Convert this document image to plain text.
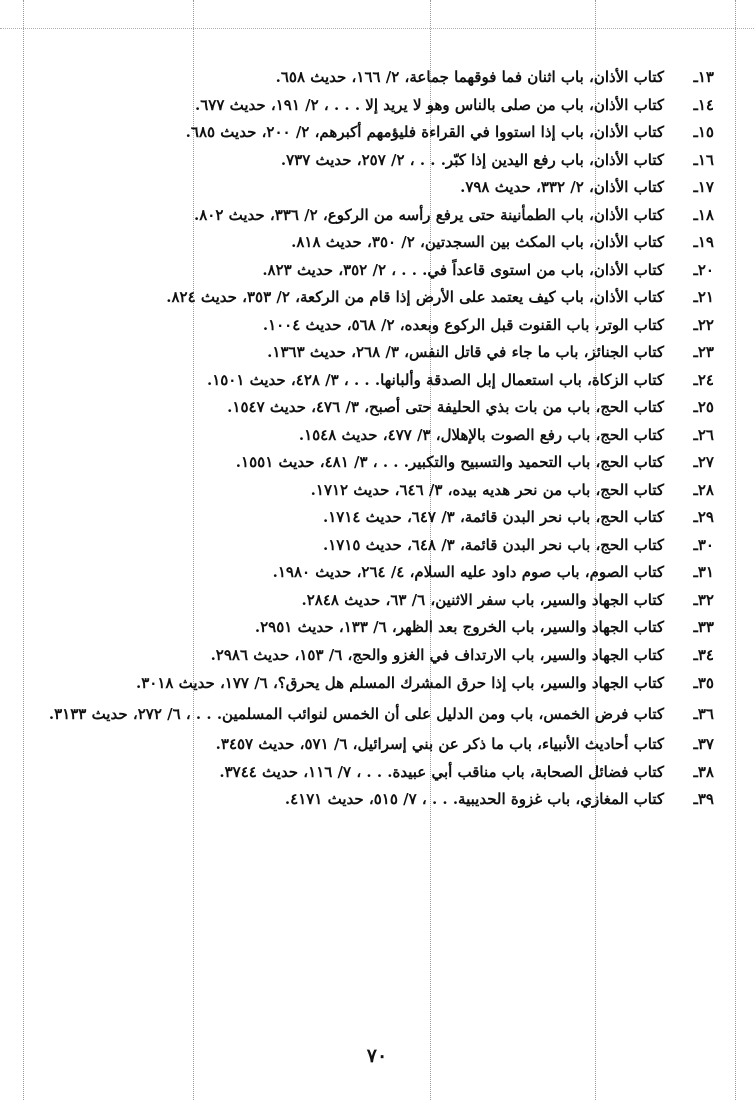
١٣ـ
كتاب الأذان، باب اثنان فما فوقهما جماعة، ٢/ ١٦٦، حديث ٦٥٨.
١٤ـ
كتاب الأذان، باب من صلى بالناس وهو لا يريد إلا . . . ، ٢/ ١٩١، حديث ٦٧٧.
١٥ـ
كتاب الأذان، باب إذا استووا في القراءة فليؤمهم أكبرهم، ٢/ ٢٠٠، حديث ٦٨٥.
١٦ـ
كتاب الأذان، باب رفع اليدين إذا كبّر. . . ، ٢/ ٢٥٧، حديث ٧٣٧.
١٧ـ
كتاب الأذان، ٢/ ٣٣٢، حديث ٧٩٨.
١٨ـ
كتاب الأذان، باب الطمأنينة حتى يرفع رأسه من الركوع، ٢/ ٣٣٦، حديث ٨٠٢.
١٩ـ
كتاب الأذان، باب المكث بين السجدتين، ٢/ ٣٥٠، حديث ٨١٨.
٢٠ـ
كتاب الأذان، باب من استوى قاعداً في. . . ، ٢/ ٣٥٢، حديث ٨٢٣.
٢١ـ
كتاب الأذان، باب كيف يعتمد على الأرض إذا قام من الركعة، ٢/ ٣٥٣، حديث ٨٢٤.
٢٢ـ
كتاب الوتر، باب القنوت قبل الركوع وبعده، ٢/ ٥٦٨، حديث ١٠٠٤.
٢٣ـ
كتاب الجنائز، باب ما جاء في قاتل النفس، ٣/ ٢٦٨، حديث ١٣٦٣.
٢٤ـ
كتاب الزكاة، باب استعمال إبل الصدقة وألبانها. . . ، ٣/ ٤٢٨، حديث ١٥٠١.
٢٥ـ
كتاب الحج، باب من بات بذي الحليفة حتى أصبح، ٣/ ٤٧٦، حديث ١٥٤٧.
٢٦ـ
كتاب الحج، باب رفع الصوت بالإهلال، ٣/ ٤٧٧، حديث ١٥٤٨.
٢٧ـ
كتاب الحج، باب التحميد والتسبيح والتكبير. . . ، ٣/ ٤٨١، حديث ١٥٥١.
٢٨ـ
كتاب الحج، باب من نحر هديه بيده، ٣/ ٦٤٦، حديث ١٧١٢.
٢٩ـ
كتاب الحج، باب نحر البدن قائمة، ٣/ ٦٤٧، حديث ١٧١٤.
٣٠ـ
كتاب الحج، باب نحر البدن قائمة، ٣/ ٦٤٨، حديث ١٧١٥.
٣١ـ
كتاب الصوم، باب صوم داود عليه السلام، ٤/ ٢٦٤، حديث ١٩٨٠.
٣٢ـ
كتاب الجهاد والسير، باب سفر الاثنين، ٦/ ٦٣، حديث ٢٨٤٨.
٣٣ـ
كتاب الجهاد والسير، باب الخروج بعد الظهر، ٦/ ١٣٣، حديث ٢٩٥١.
٣٤ـ
كتاب الجهاد والسير، باب الارتداف في الغزو والحج، ٦/ ١٥٣، حديث ٢٩٨٦.
٣٥ـ
كتاب الجهاد والسير، باب إذا حرق المشرك المسلم هل يحرق؟، ٦/ ١٧٧، حديث ٣٠١٨.
٣٦ـ
كتاب فرض الخمس، باب ومن الدليل على أن الخمس لنوائب المسلمين. . . ، ٦/ ٢٧٢، حديث ٣١٣٣.
٣٧ـ
كتاب أحاديث الأنبياء، باب ما ذكر عن بني إسرائيل، ٦/ ٥٧١، حديث ٣٤٥٧.
٣٨ـ
كتاب فضائل الصحابة، باب مناقب أبي عبيدة. . . ، ٧/ ١١٦، حديث ٣٧٤٤.
٣٩ـ
كتاب المغازي، باب غزوة الحديبية. . . ، ٧/ ٥١٥، حديث ٤١٧١.
٧٠
